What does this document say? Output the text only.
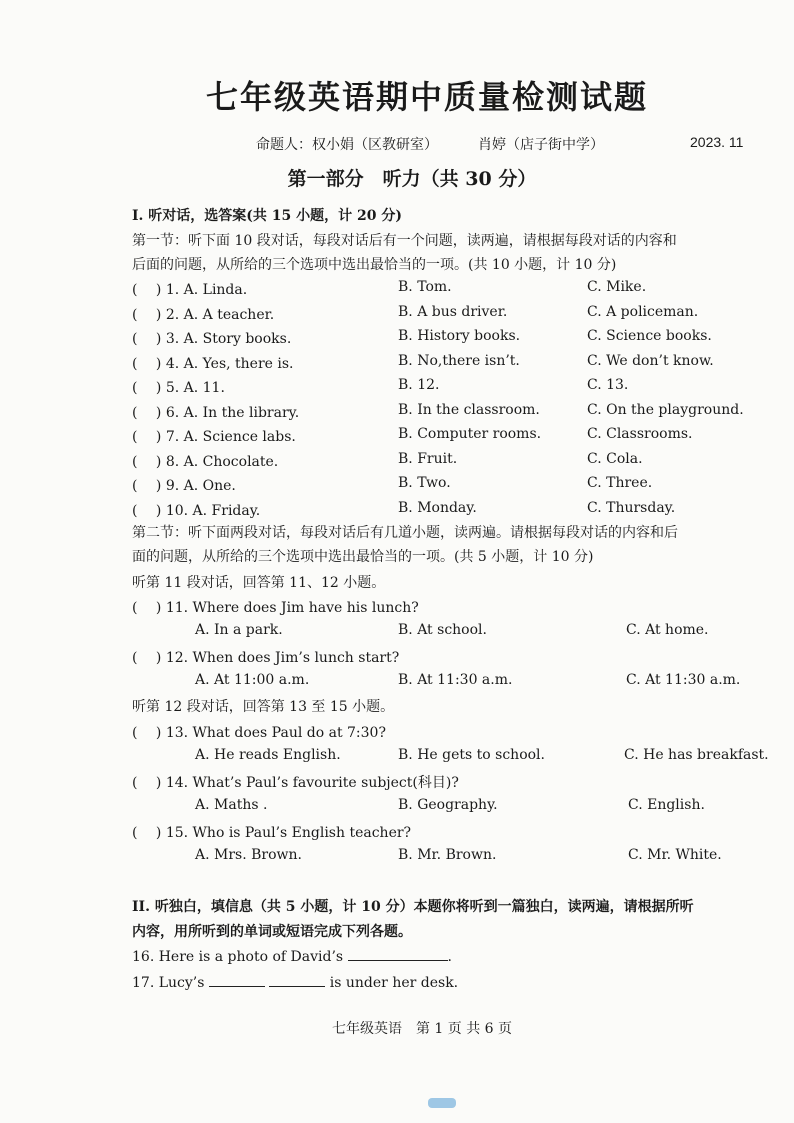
七年级英语期中质量检测试题
命题人：权小娟（区教研室）	肖婷（店子街中学）	2023. 11
第一部分　听力（共 30 分）
I. 听对话，选答案(共 15 小题，计 20 分)
第一节：听下面 10 段对话，每段对话后有一个问题，读两遍，请根据每段对话的内容和
后面的问题，从所给的三个选项中选出最恰当的一项。(共 10 小题，计 10 分)
(　 ) 1. A. Linda.	B. Tom.	C. Mike.
(　 ) 2. A. A teacher.	B. A bus driver.	C. A policeman.
(　 ) 3. A. Story books.	B. History books.	C. Science books.
(　 ) 4. A. Yes, there is.	B. No,there isn’t.	C. We don’t know.
(　 ) 5. A. 11.	B. 12.	C. 13.
(　 ) 6. A. In the library.	B. In the classroom.	C. On the playground.
(　 ) 7. A. Science labs.	B. Computer rooms.	C. Classrooms.
(　 ) 8. A. Chocolate.	B. Fruit.	C. Cola.
(　 ) 9. A. One.	B. Two.	C. Three.
(　 ) 10. A. Friday.	B. Monday.	C. Thursday.
第二节：听下面两段对话，每段对话后有几道小题，读两遍。请根据每段对话的内容和后
面的问题，从所给的三个选项中选出最恰当的一项。(共 5 小题，计 10 分)
听第 11 段对话，回答第 11、12 小题。
(　 ) 11. Where does Jim have his lunch?
A. In a park.	B. At school.	C. At home.
(　 ) 12. When does Jim’s lunch start?
A. At 11:00 a.m.	B. At 11:30 a.m.	C. At 11:30 a.m.
听第 12 段对话，回答第 13 至 15 小题。
(　 ) 13. What does Paul do at 7:30?
A. He reads English.	B. He gets to school.	C. He has breakfast.
(　 ) 14. What’s Paul’s favourite subject(科目)?
A. Maths .	B. Geography.	C. English.
(　 ) 15. Who is Paul’s English teacher?
A. Mrs. Brown.	B. Mr. Brown.	C. Mr. White.
II. 听独白，填信息（共 5 小题，计 10 分）本题你将听到一篇独白，读两遍，请根据所听
内容，用所听到的单词或短语完成下列各题。
16. Here is a photo of David’s	.
17. Lucy’s	is under her desk.
七年级英语　第 1 页 共 6 页
